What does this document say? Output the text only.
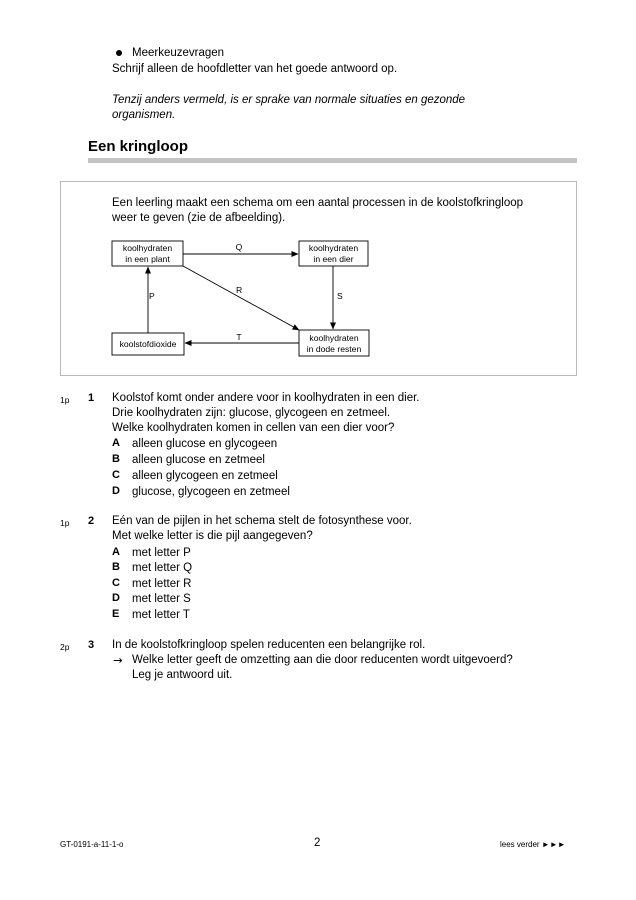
Meerkeuzevragen
Schrijf alleen de hoofdletter van het goede antwoord op.
Tenzij anders vermeld, is er sprake van normale situaties en gezonde
organismen.
Een kringloop
Een leerling maakt een schema om een aantal processen in de koolstofkringloop
weer te geven (zie de afbeelding).
koolhydraten
in een plant
koolhydraten
in een dier
koolstofdioxide
koolhydraten
in dode resten
Q
S
T
P
R
1p 1 Koolstof komt onder andere voor in koolhydraten in een dier.
Drie koolhydraten zijn: glucose, glycogeen en zetmeel.
Welke koolhydraten komen in cellen van een dier voor?
A alleen glucose en glycogeen
B alleen glucose en zetmeel
C alleen glycogeen en zetmeel
D glucose, glycogeen en zetmeel
1p 2 Eén van de pijlen in het schema stelt de fotosynthese voor.
Met welke letter is die pijl aangegeven?
A met letter P
B met letter Q
C met letter R
D met letter S
E met letter T
2p 3 In de koolstofkringloop spelen reducenten een belangrijke rol.
→ Welke letter geeft de omzetting aan die door reducenten wordt uitgevoerd?
Leg je antwoord uit.
GT-0191-a-11-1-o	2	lees verder ►►►
